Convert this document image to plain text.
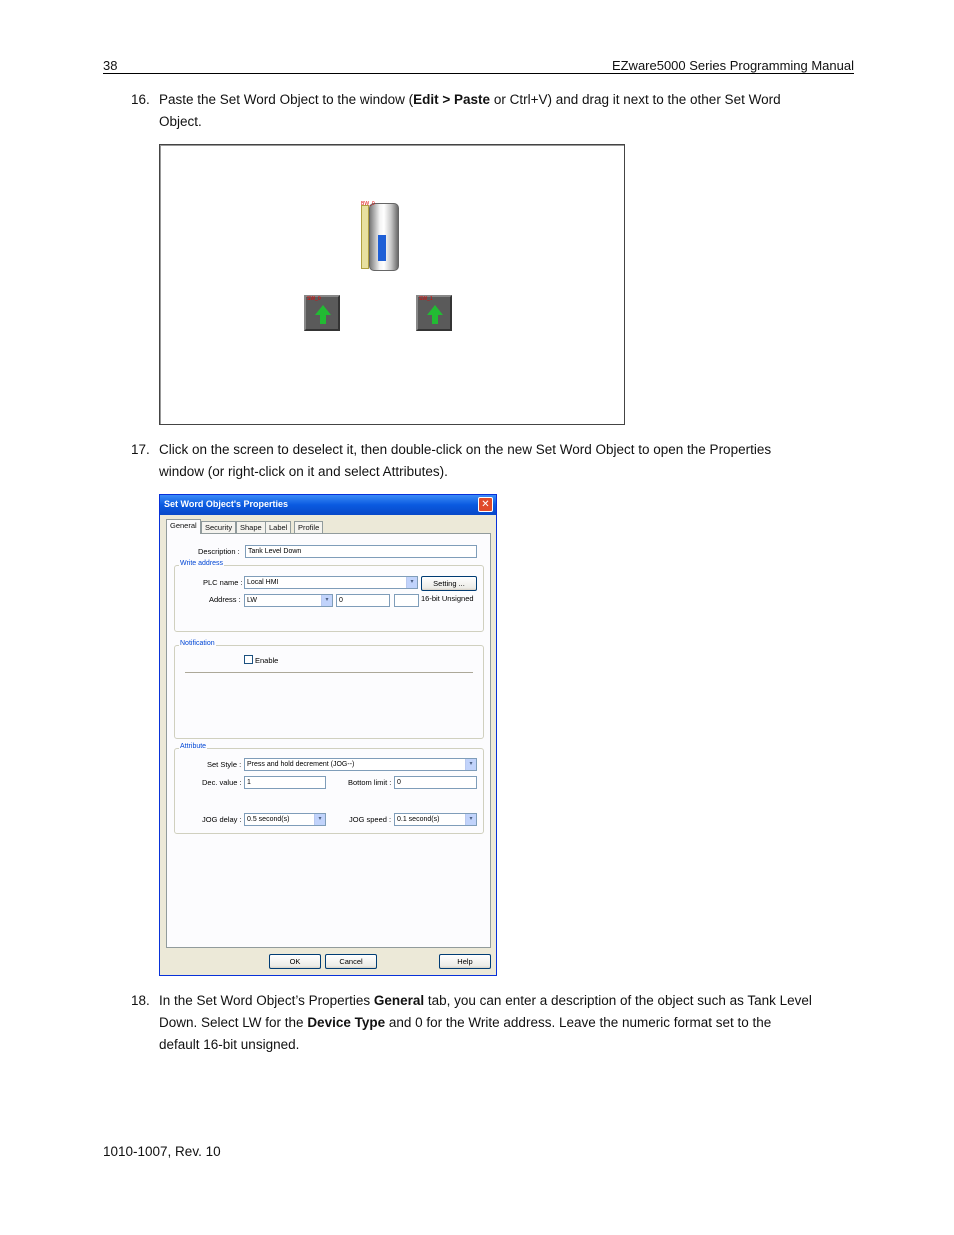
38	EZware5000 Series Programming Manual
16. Paste the Set Word Object to the window (Edit > Paste or Ctrl+V) and drag it next to the other Set Word
Object.
BW_0
SW_0	SW_1
17. Click on the screen to deselect it, then double-click on the new Set Word Object to open the Properties
window (or right-click on it and select Attributes).
Set Word Object's Properties	✕
General	Security	Shape Label	Profile
Description :	Tank Level Down
Write address
PLC name : Local HMI	▾	Setting ...
Address : LW	▾	0	16-bit Unsigned
Notification
Enable
Attribute
Set Style : Press and hold decrement (JOG--)	▾
Dec. value : 1	Bottom limit : 0
JOG delay : 0.5 second(s)	▾	JOG speed : 0.1 second(s)	▾
OK	Cancel	Help
18. In the Set Word Object’s Properties General tab, you can enter a description of the object such as Tank Level
Down. Select LW for the Device Type and 0 for the Write address. Leave the numeric format set to the
default 16-bit unsigned.
1010-1007, Rev. 10
